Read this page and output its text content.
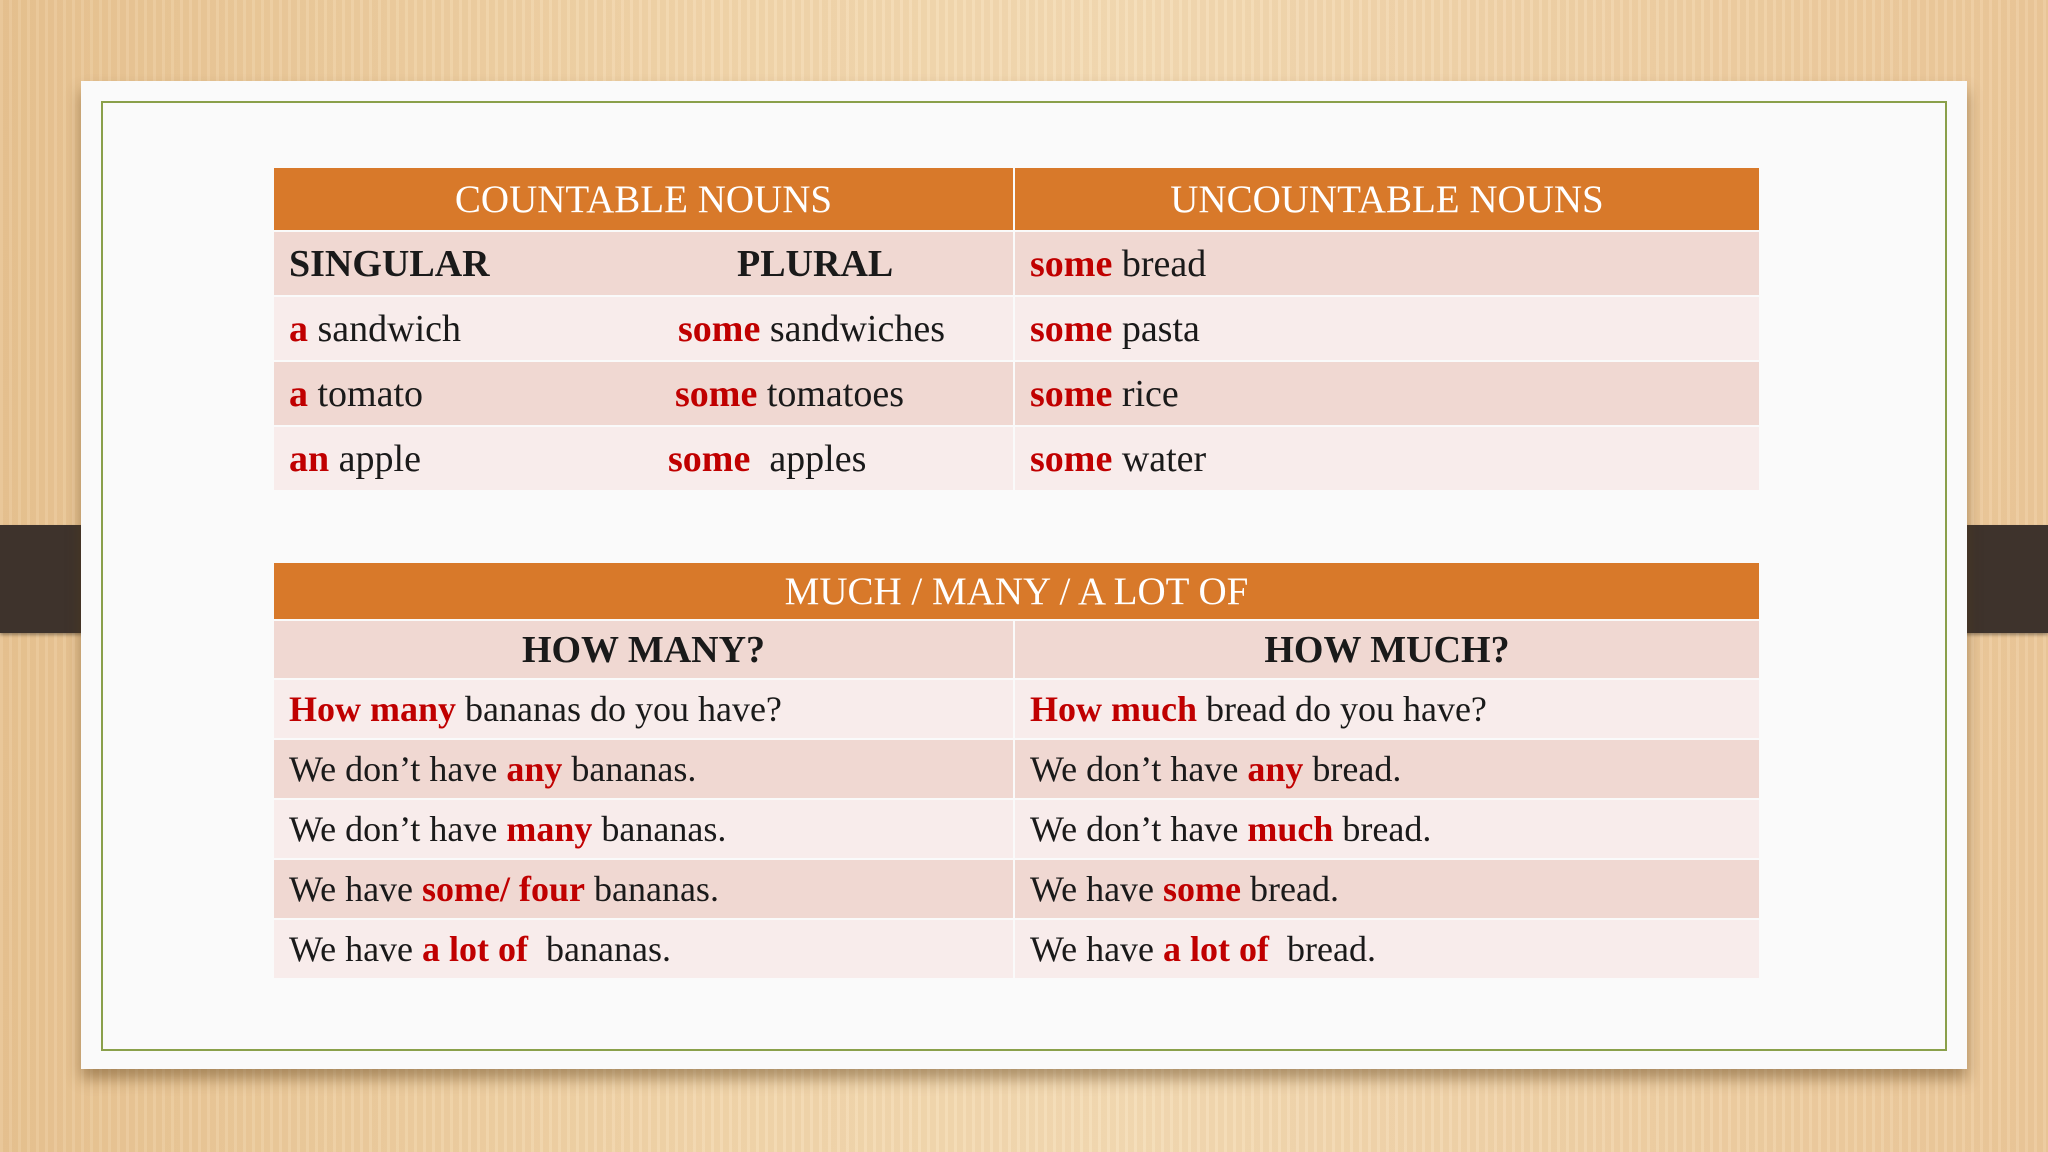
COUNTABLE NOUNS	UNCOUNTABLE NOUNS

SINGULAR PLURAL	some bread

a sandwich some sandwiches	some pasta

a tomato some tomatoes	some rice

an apple some apples	some water
MUCH / MANY / A LOT OF	
HOW MANY?	HOW MUCH?
How many bananas do you have?	How much bread do you have?
We don’t have any bananas.	We don’t have any bread.
We don’t have many bananas.	We don’t have much bread.
We have some/ four bananas.	We have some bread.
We have a lot of  bananas.	We have a lot of  bread.
